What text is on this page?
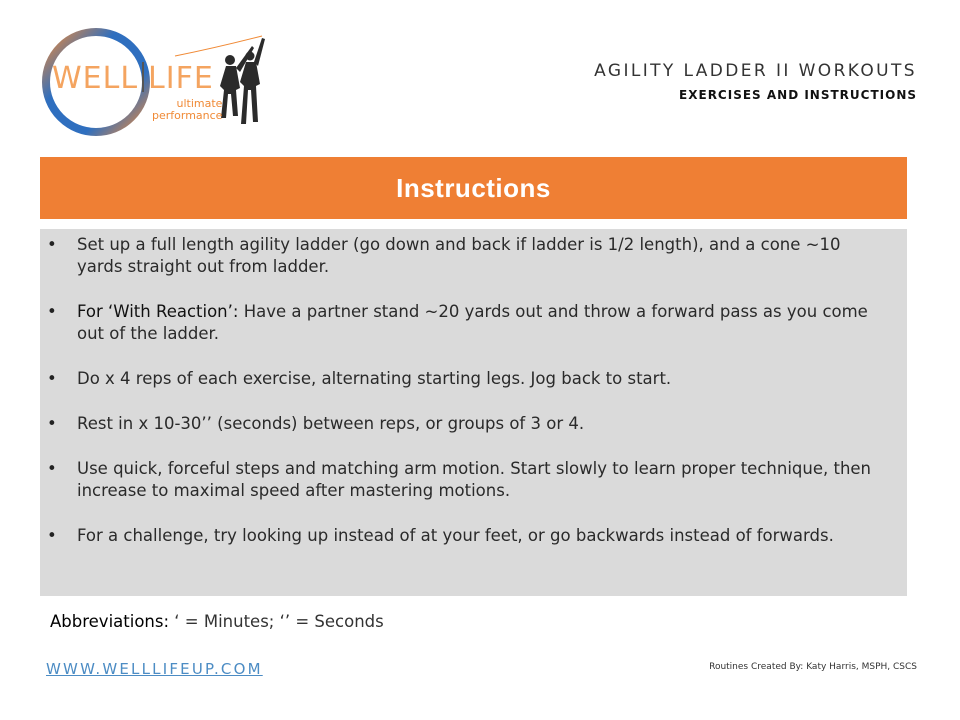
WELL LIFE
ultimate
performance
AGILITY LADDER II WORKOUTS
EXERCISES AND INSTRUCTIONS
Instructions
• Set up a full length agility ladder (go down and back if ladder is 1/2 length), and a cone ~10 yards straight out from ladder.
• For ‘With Reaction’: Have a partner stand ~20 yards out and throw a forward pass as you come out of the ladder.
• Do x 4 reps of each exercise, alternating starting legs. Jog back to start.
• Rest in x 10-30’’ (seconds) between reps, or groups of 3 or 4.
• Use quick, forceful steps and matching arm motion. Start slowly to learn proper technique, then increase to maximal speed after mastering motions.
• For a challenge, try looking up instead of at your feet, or go backwards instead of forwards.
Abbreviations: ‘ = Minutes; ‘’ = Seconds
WWW.WELLLIFEUP.COM	Routines Created By: Katy Harris, MSPH, CSCS
